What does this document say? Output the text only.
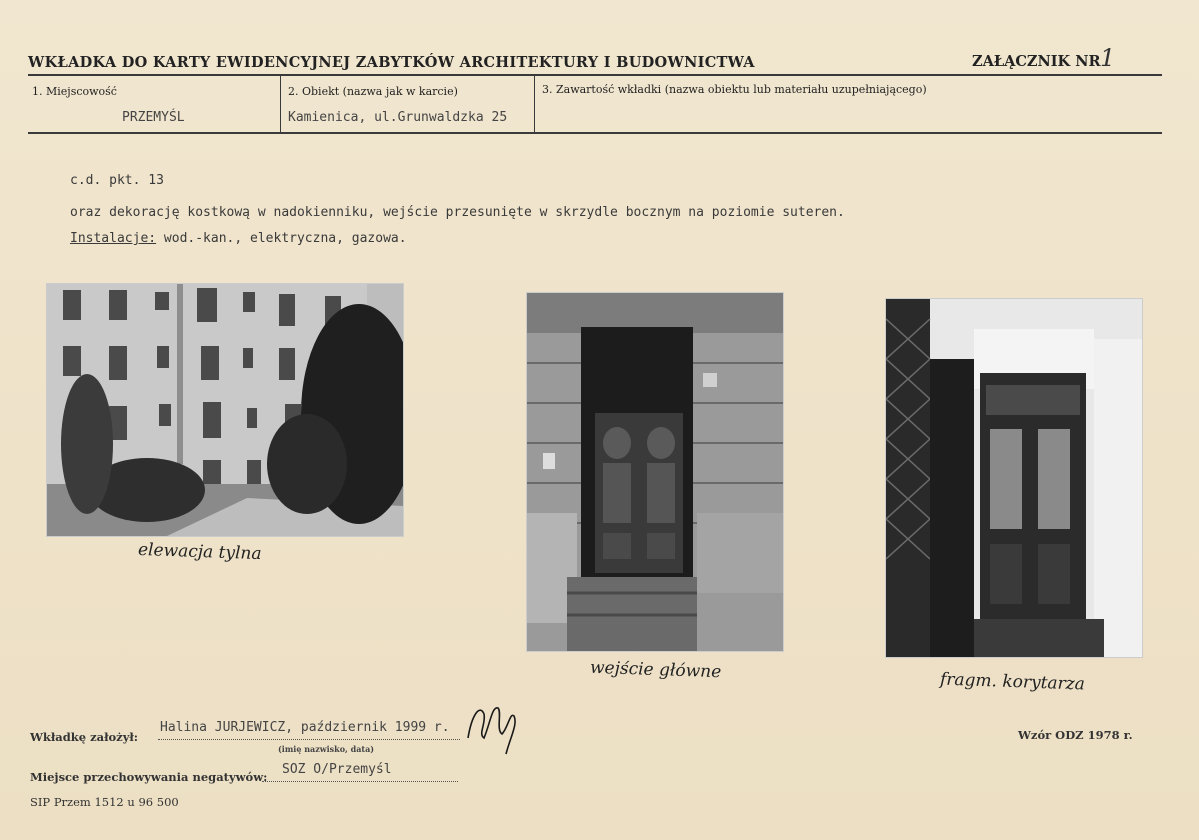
WKŁADKA DO KARTY EWIDENCYJNEJ ZABYTKÓW ARCHITEKTURY I BUDOWNICTWA	ZAŁĄCZNIK NR 1
1. Miejscowość
PRZEMYŚL
2. Obiekt (nazwa jak w karcie)
Kamienica, ul.Grunwaldzka 25
3. Zawartość wkładki (nazwa obiektu lub materiału uzupełniającego)
c.d. pkt. 13
oraz dekorację kostkową w nadokienniku, wejście przesunięte w skrzydle bocznym na poziomie suteren.
Instalacje: wod.-kan., elektryczna, gazowa.
elewacja tylna
wejście główne	fragm. korytarza
Wkładkę założył:
Halina JURJEWICZ, październik 1999 r.
(imię nazwisko, data)
Miejsce przechowywania negatywów: SOZ O/Przemyśl
Wzór ODZ 1978 r.
SIP Przem 1512 u 96 500
